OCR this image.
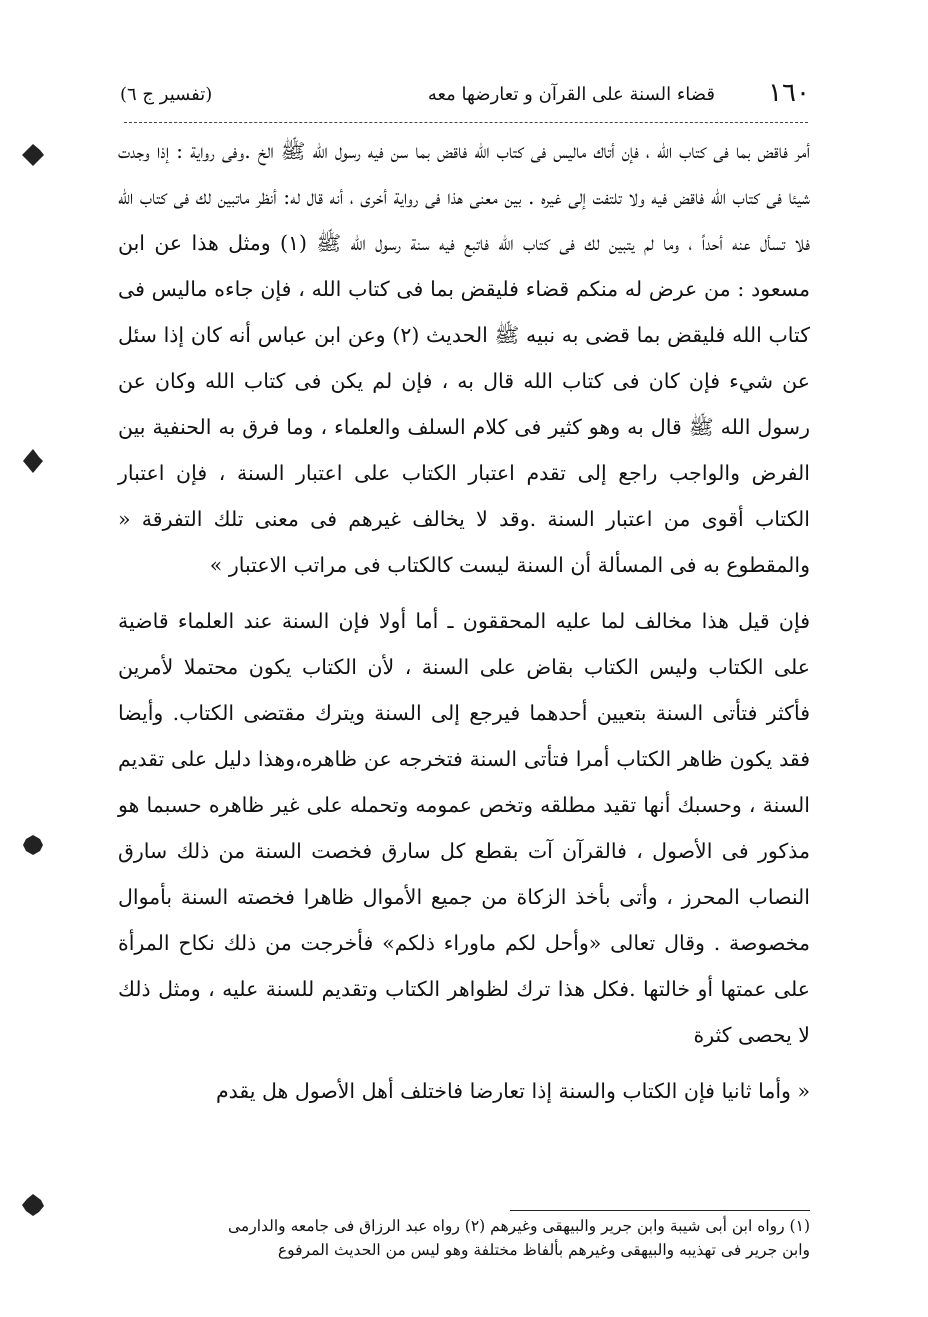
١٦٠
قضاء السنة على القرآن و تعارضها معه
(تفسير ج ٦)

أمر فاقض بما فى كتاب الله ، فإن أتاك ماليس فى كتاب الله فاقض بما سن فيه رسول الله ﷺ الخ .وفى رواية : إذا وجدت شيئا فى كتاب الله فاقض فيه ولا تلتفت إلى غيره . بين معنى هذا فى رواية أخرى ، أنه قال له: أنظر ماتبين لك فى كتاب الله فلا تسأل عنه أحداً ، وما لم يتبين لك فى كتاب الله فاتبع فيه سنة رسول الله ﷺ (١) ومثل هذا عن ابن مسعود : من عرض له منكم قضاء فليقض بما فى كتاب الله ، فإن جاءه ماليس فى كتاب الله فليقض بما قضى به نبيه ﷺ الحديث (٢) وعن ابن عباس أنه كان إذا سئل عن شيء فإن كان فى كتاب الله قال به ، فإن لم يكن فى كتاب الله وكان عن رسول الله ﷺ قال به وهو كثير فى كلام السلف والعلماء ، وما فرق به الحنفية بين الفرض والواجب راجع إلى تقدم اعتبار الكتاب على اعتبار السنة ، فإن اعتبار الكتاب أقوى من اعتبار السنة .وقد لا يخالف غيرهم فى معنى تلك التفرقة « والمقطوع به فى المسألة أن السنة ليست كالكتاب فى مراتب الاعتبار »

فإن قيل هذا مخالف لما عليه المحققون ـ أما أولا فإن السنة عند العلماء قاضية على الكتاب وليس الكتاب بقاض على السنة ، لأن الكتاب يكون محتملا لأمرين فأكثر فتأتى السنة بتعيين أحدهما فيرجع إلى السنة ويترك مقتضى الكتاب. وأيضا فقد يكون ظاهر الكتاب أمرا فتأتى السنة فتخرجه عن ظاهره،وهذا دليل على تقديم السنة ، وحسبك أنها تقيد مطلقه وتخص عمومه وتحمله على غير ظاهره حسبما هو مذكور فى الأصول ، فالقرآن آت بقطع كل سارق فخصت السنة من ذلك سارق النصاب المحرز ، وأتى بأخذ الزكاة من جميع الأموال ظاهرا فخصته السنة بأموال مخصوصة . وقال تعالى «وأحل لكم ماوراء ذلكم» فأخرجت من ذلك نكاح المرأة على عمتها أو خالتها .فكل هذا ترك لظواهر الكتاب وتقديم للسنة عليه ، ومثل ذلك لا يحصى كثرة

« وأما ثانيا فإن الكتاب والسنة إذا تعارضا فاختلف أهل الأصول هل يقدم

(١) رواه ابن أبى شيبة وابن جرير والبيهقى وغيرهم (٢) رواه عبد الرزاق فى جامعه والدارمى

وابن جرير فى تهذيبه والبيهقى وغيرهم بألفاظ مختلفة وهو ليس من الحديث المرفوع
